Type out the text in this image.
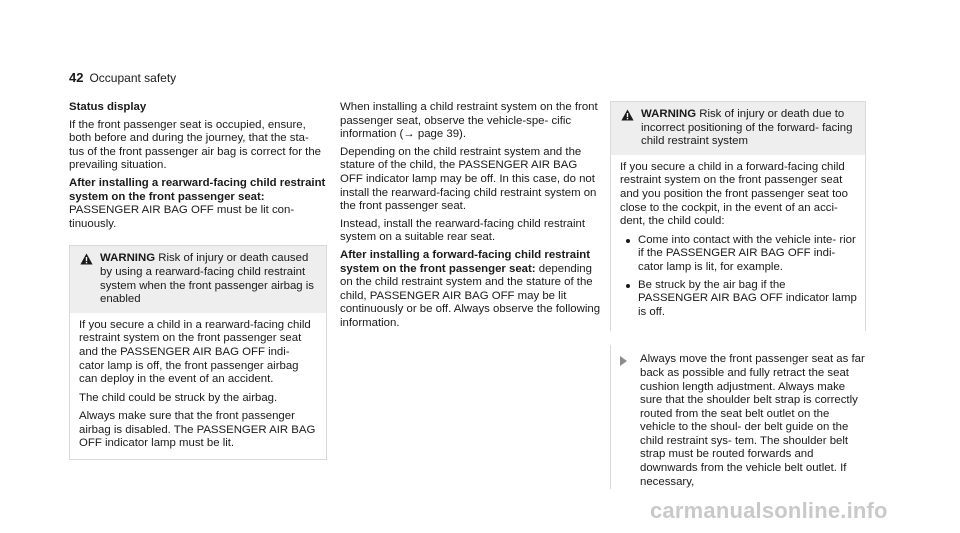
42 Occupant safety

Status display

If the front passenger seat is occupied, ensure, both before and during the journey, that the sta‐ tus of the front passenger air bag is correct for the prevailing situation.

After installing a rearward-facing child restraint system on the front passenger seat: PASSENGER AIR BAG OFF must be lit con‐ tinuously.

WARNING Risk of injury or death caused by using a rearward-facing child restraint system when the front passenger airbag is enabled

If you secure a child in a rearward-facing child restraint system on the front passenger seat and the PASSENGER AIR BAG OFF indi‐ cator lamp is off, the front passenger airbag can deploy in the event of an accident.

The child could be struck by the airbag.

Always make sure that the front passenger airbag is disabled. The PASSENGER AIR BAG OFF indicator lamp must be lit.

When installing a child restraint system on the front passenger seat, observe the vehicle-spe‐ cific information (→ page 39).

Depending on the child restraint system and the stature of the child, the PASSENGER AIR BAG OFF indicator lamp may be off. In this case, do not install the rearward-facing child restraint system on the front passenger seat.

Instead, install the rearward-facing child restraint system on a suitable rear seat.

After installing a forward-facing child restraint system on the front passenger seat: depending on the child restraint system and the stature of the child, PASSENGER AIR BAG OFF may be lit continuously or be off. Always observe the following information.

WARNING Risk of injury or death due to incorrect positioning of the forward- facing child restraint system

If you secure a child in a forward-facing child restraint system on the front passenger seat and you position the front passenger seat too close to the cockpit, in the event of an acci‐ dent, the child could:

Come into contact with the vehicle inte‐ rior if the PASSENGER AIR BAG OFF indi‐ cator lamp is lit, for example.
Be struck by the air bag if the PASSENGER AIR BAG OFF indicator lamp is off.
Always move the front passenger seat as far back as possible and fully retract the seat cushion length adjustment. Always make sure that the shoulder belt strap is correctly routed from the seat belt outlet on the vehicle to the shoul‐ der belt guide on the child restraint sys‐ tem. The shoulder belt strap must be routed forwards and downwards from the vehicle belt outlet. If necessary,
carmanualsonline.info
